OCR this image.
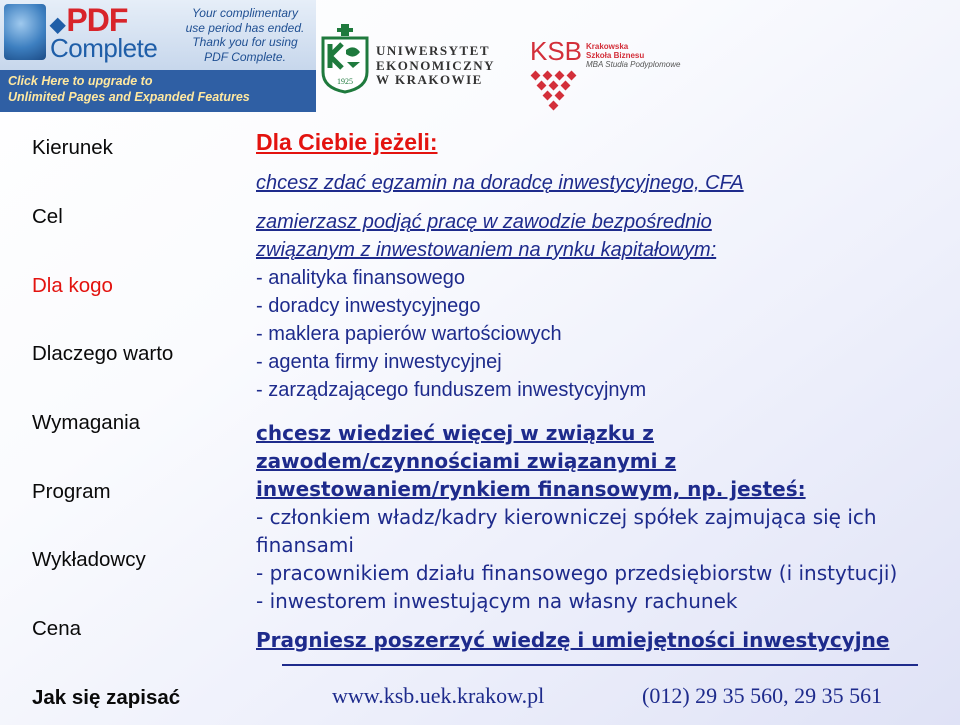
◆PDF
Complete
Your complimentary
use period has ended.
Thank you for using
PDF Complete.
Click Here to upgrade to
Unlimited Pages and Expanded Features
1925
UNIWERSYTET
EKONOMICZNY
W KRAKOWIE
KSB Krakowska
Szkoła Biznesu
MBA Studia Podyplomowe
Kierunek
Cel
Dla kogo
Dlaczego warto
Wymagania
Program
Wykładowcy
Cena
Jak się zapisać
Dla Ciebie jeżeli:
chcesz zdać egzamin na doradcę inwestycyjnego, CFA
zamierzasz podjąć pracę w zawodzie bezpośrednio
związanym z inwestowaniem na rynku kapitałowym:
- analityka finansowego
- doradcy inwestycyjnego
- maklera papierów wartościowych
- agenta firmy inwestycyjnej
- zarządzającego funduszem inwestycyjnym
chcesz wiedzieć więcej w związku z
zawodem/czynnościami związanymi z
inwestowaniem/rynkiem finansowym, np. jesteś:
- członkiem władz/kadry kierowniczej spółek zajmująca się ich
finansami
- pracownikiem działu finansowego przedsiębiorstw (i instytucji)
- inwestorem inwestującym na własny rachunek
Pragniesz poszerzyć wiedzę i umiejętności inwestycyjne
www.ksb.uek.krakow.pl	(012) 29 35 560, 29 35 561
